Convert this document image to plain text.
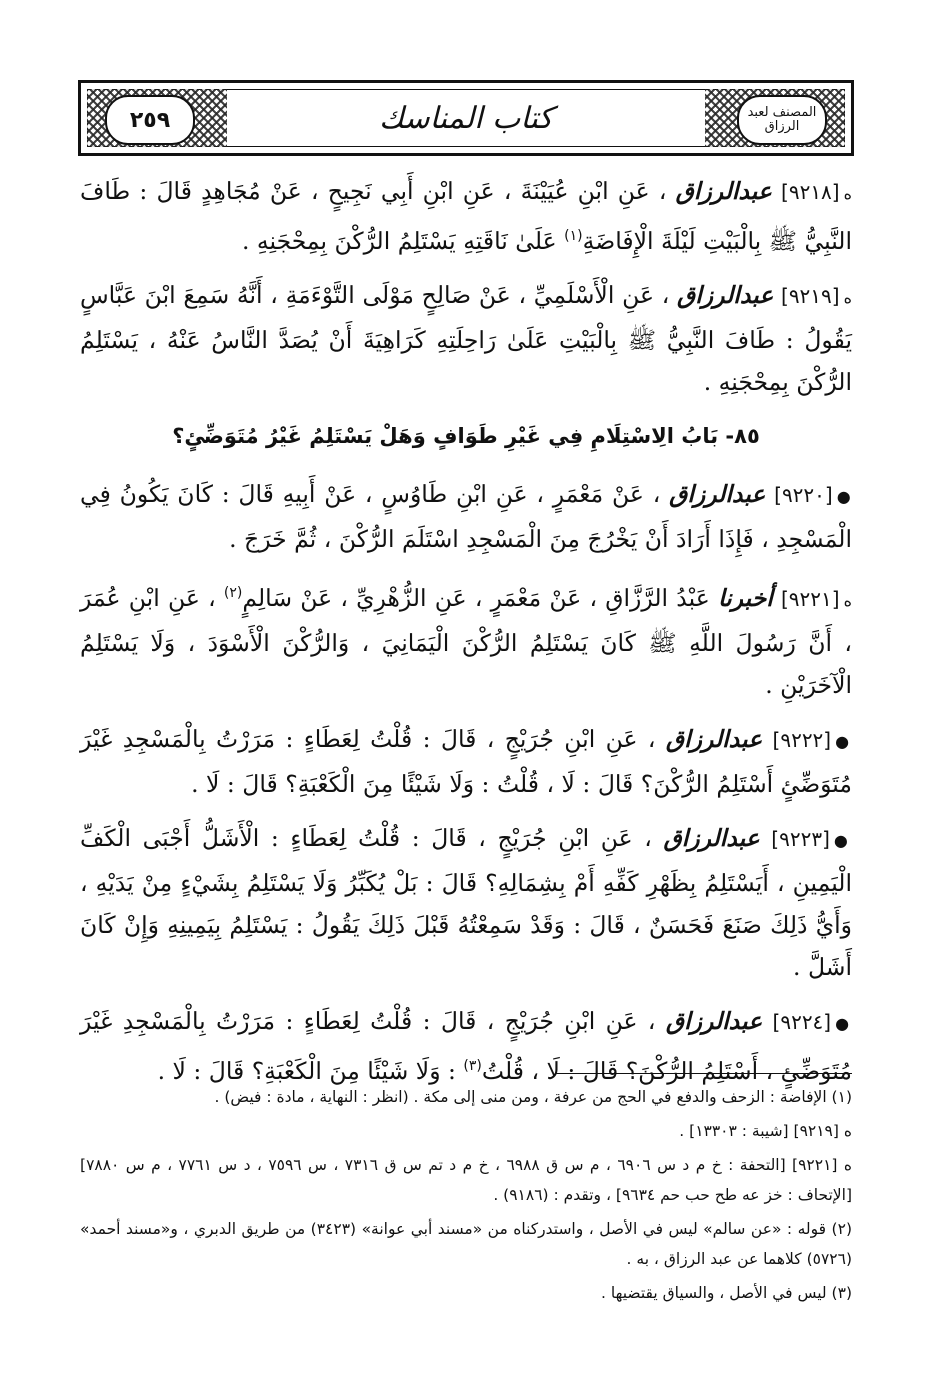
٢٥٩	المصنف لعبد الرزاق
كتاب المناسك

ه[٩٢١٨] عبدالرزاق ، عَنِ ابْنِ عُيَيْنَةَ ، عَنِ ابْنِ أَبِي نَجِيحٍ ، عَنْ مُجَاهِدٍ قَالَ : طَافَ النَّبِيُّ ﷺ بِالْبَيْتِ لَيْلَةَ الْإِفَاضَةِ$^{(١)}$ عَلَىٰ نَاقَتِهِ يَسْتَلِمُ الرُّكْنَ بِمِحْجَنِهِ .

ه[٩٢١٩] عبدالرزاق ، عَنِ الْأَسْلَمِيِّ ، عَنْ صَالِحٍ مَوْلَى التَّوْءَمَةِ ، أَنَّهُ سَمِعَ ابْنَ عَبَّاسٍ يَقُولُ : طَافَ النَّبِيُّ ﷺ بِالْبَيْتِ عَلَىٰ رَاحِلَتِهِ كَرَاهِيَةَ أَنْ يُصَدَّ النَّاسُ عَنْهُ ، يَسْتَلِمُ الرُّكْنَ بِمِحْجَنِهِ .

٨٥- بَابُ الِاسْتِلَامِ فِي غَيْرِ طَوَافٍ وَهَلْ يَسْتَلِمُ غَيْرُ مُتَوَضِّئٍ؟

●[٩٢٢٠] عبدالرزاق ، عَنْ مَعْمَرٍ ، عَنِ ابْنِ طَاوُسٍ ، عَنْ أَبِيهِ قَالَ : كَانَ يَكُونُ فِي الْمَسْجِدِ ، فَإِذَا أَرَادَ أَنْ يَخْرُجَ مِنَ الْمَسْجِدِ اسْتَلَمَ الرُّكْنَ ، ثُمَّ خَرَجَ .

ه[٩٢٢١] أخبرنا عَبْدُ الرَّزَّاقِ ، عَنْ مَعْمَرٍ ، عَنِ الزُّهْرِيِّ ، عَنْ سَالِمٍ$^{(٢)}$ ، عَنِ ابْنِ عُمَرَ ، أَنَّ رَسُولَ اللَّهِ ﷺ كَانَ يَسْتَلِمُ الرُّكْنَ الْيَمَانِيَ ، وَالرُّكْنَ الْأَسْوَدَ ، وَلَا يَسْتَلِمُ الْآخَرَيْنِ .

●[٩٢٢٢] عبدالرزاق ، عَنِ ابْنِ جُرَيْجٍ ، قَالَ : قُلْتُ لِعَطَاءٍ : مَرَرْتُ بِالْمَسْجِدِ غَيْرَ مُتَوَضِّئٍ أَسْتَلِمُ الرُّكْنَ؟ قَالَ : لَا ، قُلْتُ : وَلَا شَيْئًا مِنَ الْكَعْبَةِ؟ قَالَ : لَا .

●[٩٢٢٣] عبدالرزاق ، عَنِ ابْنِ جُرَيْجٍ ، قَالَ : قُلْتُ لِعَطَاءٍ : الْأَشَلُّ أَجْبَى الْكَفِّ الْيَمِينِ ، أَيَسْتَلِمُ بِظَهْرِ كَفِّهِ أَمْ بِشِمَالِهِ؟ قَالَ : بَلْ يُكَبِّرُ وَلَا يَسْتَلِمُ بِشَيْءٍ مِنْ يَدَيْهِ ، وَأَيُّ ذَلِكَ صَنَعَ فَحَسَنٌ ، قَالَ : وَقَدْ سَمِعْتُهُ قَبْلَ ذَلِكَ يَقُولُ : يَسْتَلِمُ بِيَمِينِهِ وَإِنْ كَانَ أَشَلَّ .

●[٩٢٢٤] عبدالرزاق ، عَنِ ابْنِ جُرَيْجٍ ، قَالَ : قُلْتُ لِعَطَاءٍ : مَرَرْتُ بِالْمَسْجِدِ غَيْرَ مُتَوَضِّئٍ ، أَسْتَلِمُ الرُّكْنَ؟ قَالَ : لَا ، قُلْتُ$^{(٣)}$ : وَلَا شَيْئًا مِنَ الْكَعْبَةِ؟ قَالَ : لَا .

(١) الإفاضة : الزحف والدفع في الحج من عرفة ، ومن منى إلى مكة . (انظر : النهاية ، مادة : فيض) .

ه [٩٢١٩] [شيبة : ١٣٣٠٣] .

ه [٩٢٢١] [التحفة : خ م د س ٦٩٠٦ ، م س ق ٦٩٨٨ ، خ م د تم س ق ٧٣١٦ ، س ٧٥٩٦ ، د س ٧٧٦١ ، م س ٧٨٨٠] [الإتحاف : خز عه طح حب حم ٩٦٣٤] ، وتقدم : (٩١٨٦) .

(٢) قوله : «عن سالم» ليس في الأصل ، واستدركناه من «مسند أبي عوانة» (٣٤٢٣) من طريق الدبري ، و«مسند أحمد» (٥٧٢٦) كلاهما عن عبد الرزاق ، به .

(٣) ليس في الأصل ، والسياق يقتضيها .
